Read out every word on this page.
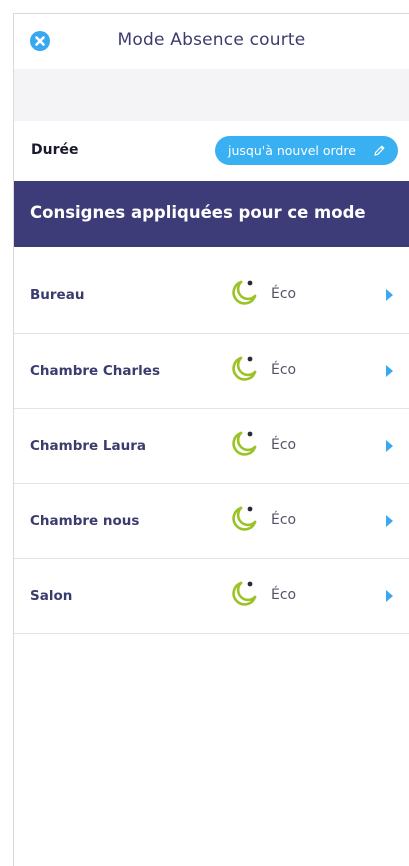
Mode Absence courte
Durée	jusqu'à nouvel ordre
Consignes appliquées pour ce mode
Bureau	Éco
Chambre Charles	Éco
Chambre Laura	Éco
Chambre nous	Éco
Salon	Éco
